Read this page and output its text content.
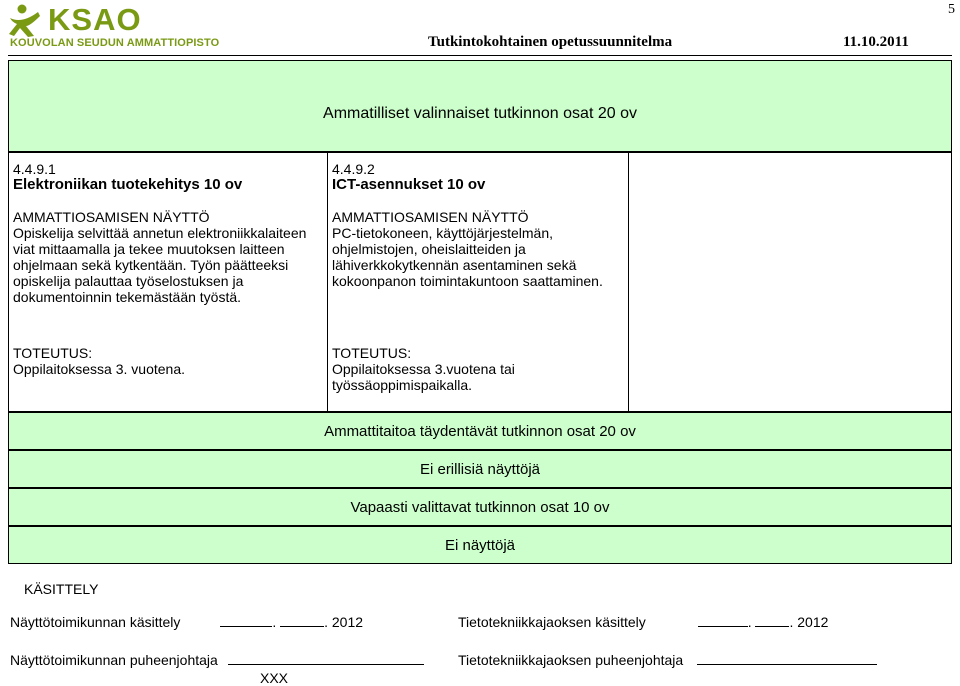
5
KSAO
KOUVOLAN SEUDUN AMMATTIOPISTO	Tutkintokohtainen opetussuunnitelma	11.10.2011
Ammatilliset valinnaiset tutkinnon osat 20 ov
4.4.9.1
Elektroniikan tuotekehitys 10 ov
AMMATTIOSAMISEN NÄYTTÖ
Opiskelija selvittää annetun elektroniikkalaiteen
viat mittaamalla ja tekee muutoksen laitteen
ohjelmaan sekä kytkentään. Työn päätteeksi
opiskelija palauttaa työselostuksen ja
dokumentoinnin tekemästään työstä.
TOTEUTUS:
Oppilaitoksessa 3. vuotena.
4.4.9.2
ICT-asennukset 10 ov
AMMATTIOSAMISEN NÄYTTÖ
PC-tietokoneen, käyttöjärjestelmän,
ohjelmistojen, oheislaitteiden ja
lähiverkkokytkennän asentaminen sekä
kokoonpanon toimintakuntoon saattaminen.
TOTEUTUS:
Oppilaitoksessa 3.vuotena tai
työssäoppimispaikalla.
Ammattitaitoa täydentävät tutkinnon osat 20 ov
Ei erillisiä näyttöjä
Vapaasti valittavat tutkinnon osat 10 ov
Ei näyttöjä
KÄSITTELY
Näyttötoimikunnan käsittely	.	. 2012	Tietotekniikkajaoksen käsittely	.	. 2012
Näyttötoimikunnan puheenjohtaja	Tietotekniikkajaoksen puheenjohtaja
XXX
